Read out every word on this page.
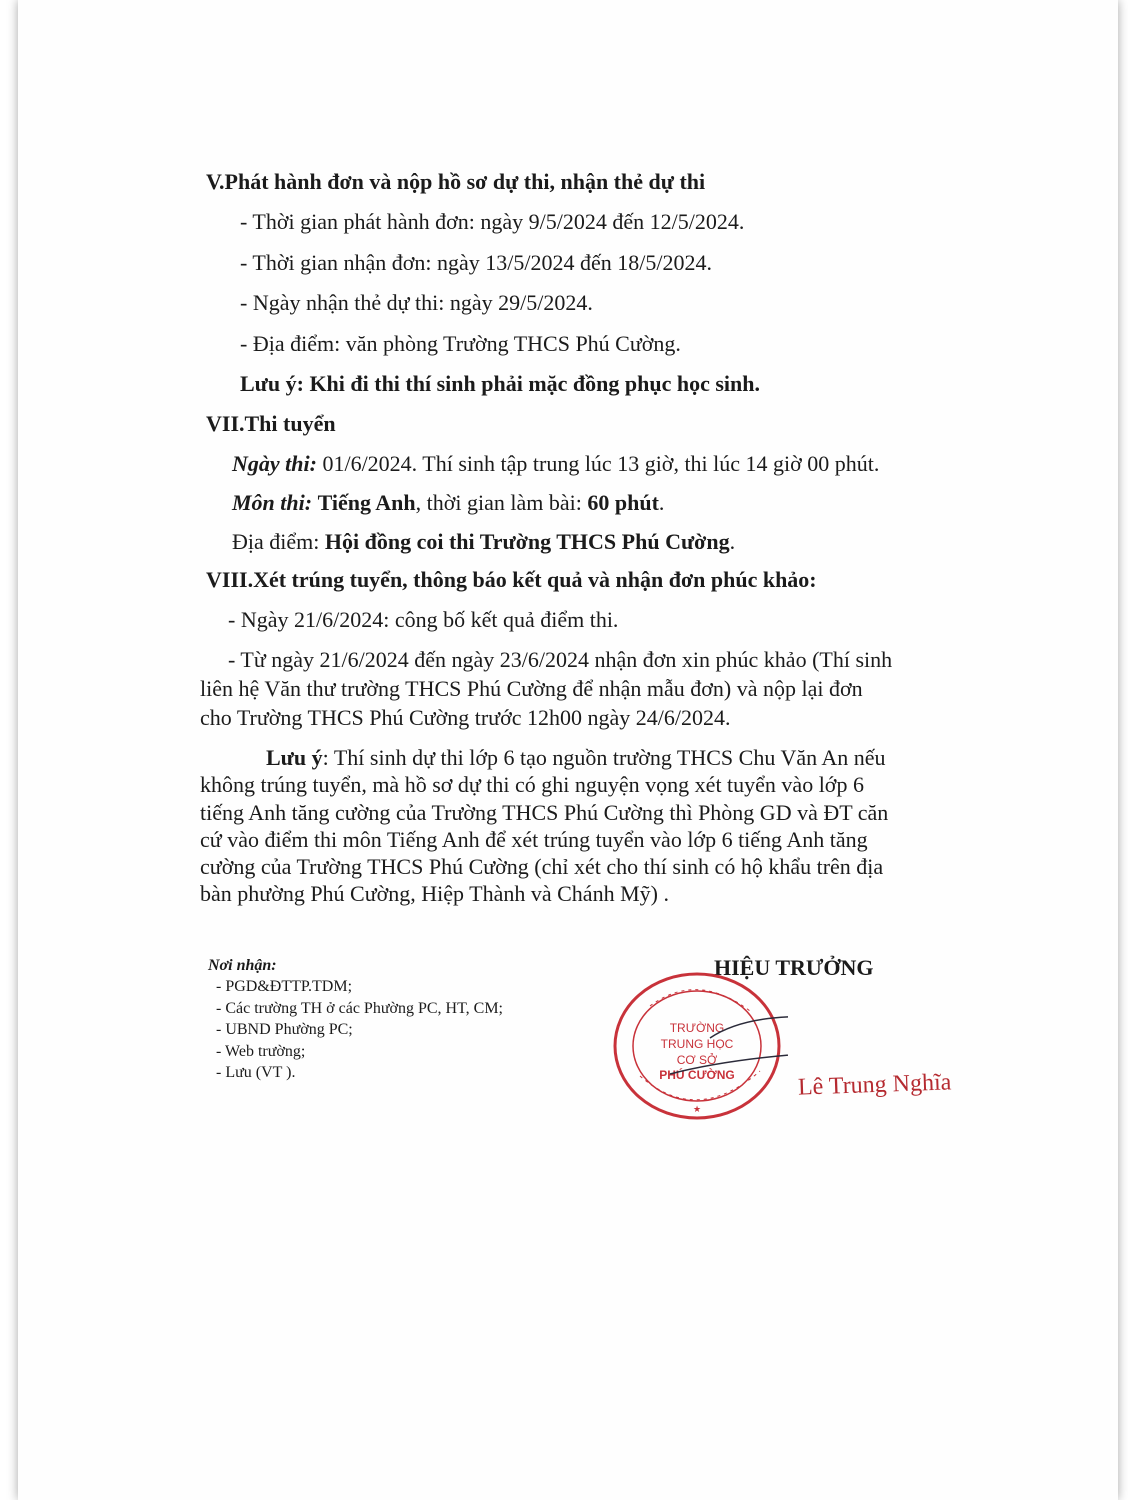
V.Phát hành đơn và nộp hồ sơ dự thi, nhận thẻ dự thi
- Thời gian phát hành đơn: ngày 9/5/2024 đến 12/5/2024.
- Thời gian nhận đơn: ngày 13/5/2024 đến 18/5/2024.
- Ngày nhận thẻ dự thi: ngày 29/5/2024.
- Địa điểm: văn phòng Trường THCS Phú Cường.
Lưu ý: Khi đi thi thí sinh phải mặc đồng phục học sinh.
VII.Thi tuyển
Ngày thi: 01/6/2024. Thí sinh tập trung lúc 13 giờ, thi lúc 14 giờ 00 phút.
Môn thi: Tiếng Anh, thời gian làm bài: 60 phút.
Địa điểm: Hội đồng coi thi Trường THCS Phú Cường.
VIII.Xét trúng tuyển, thông báo kết quả và nhận đơn phúc khảo:
- Ngày 21/6/2024: công bố kết quả điểm thi.
- Từ ngày 21/6/2024 đến ngày 23/6/2024 nhận đơn xin phúc khảo (Thí sinh
liên hệ Văn thư trường THCS Phú Cường để nhận mẫu đơn) và nộp lại đơn
cho Trường THCS Phú Cường trước 12h00 ngày 24/6/2024.
Lưu ý: Thí sinh dự thi lớp 6 tạo nguồn trường THCS Chu Văn An nếu
không trúng tuyển, mà hồ sơ dự thi có ghi nguyện vọng xét tuyển vào lớp 6
tiếng Anh tăng cường của Trường THCS Phú Cường thì Phòng GD và ĐT căn
cứ vào điểm thi môn Tiếng Anh để xét trúng tuyển vào lớp 6 tiếng Anh tăng
cường của Trường THCS Phú Cường (chỉ xét cho thí sinh có hộ khẩu trên địa
bàn phường Phú Cường, Hiệp Thành và Chánh Mỹ) .
Nơi nhận:
- PGD&ĐTTP.TDM;
- Các trường TH ở các Phường PC, HT, CM;
- UBND Phường PC;
- Web trường;
- Lưu (VT ).
HIỆU TRƯỞNG
TRƯỜNG
TRUNG HỌC
CƠ SỞ
PHÚ CƯỜNG
★
Lê Trung Nghĩa
